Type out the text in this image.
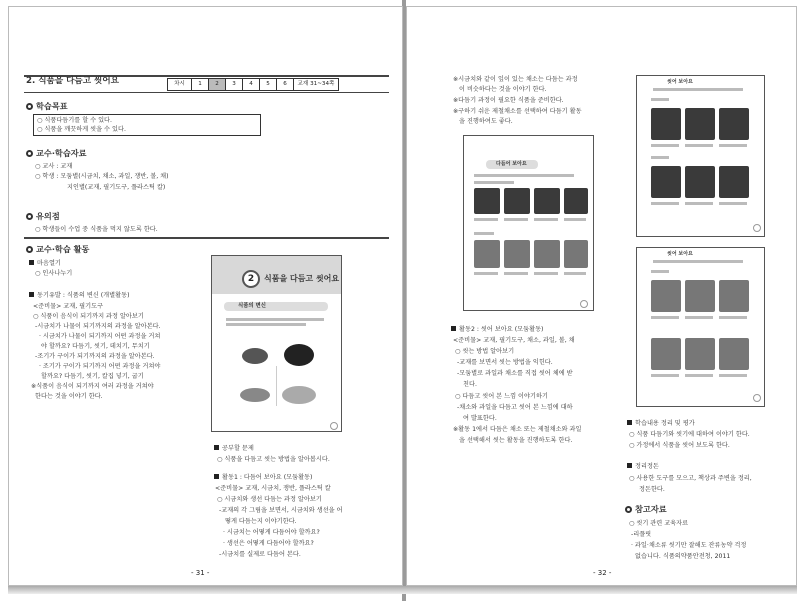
2. 식품을 다듬고 씻어요	차시	1	2	3	4	5	6	교재 31~34쪽
학습목표
○ 식품다듬기를 할 수 있다.
○ 식품을 깨끗하게 씻을 수 있다.
교수·학습자료
○ 교사 : 교재
○ 학생 : 모둠별(시금치, 채소, 과일, 쟁반, 볼, 채)
지인별(교재, 필기도구, 플라스틱 칼)
유의점
○ 학생들이 수업 중 식품을 먹지 않도록 한다.
교수·학습 활동
마음열기
○ 인사나누기
동기유발 : 식품의 변신 (개별활동)
<준비물> 교재, 필기도구
○ 식품이 음식이 되기까지 과정 알아보기
-시금치가 나물이 되기까지의 과정을 알아본다.
· 시금치가 나물이 되기까지 어떤 과정을 거쳐
야 할까요? 다듬기, 씻기, 데치기, 무치기
-조기가 구이가 되기까지의 과정을 알아본다.
· 조기가 구이가 되기까지 어떤 과정을 거쳐야
할까요? 다듬기, 씻기, 칼집 넣기, 굽기
※식품이 음식이 되기까지 여러 과정을 거쳐야
한다는 것을 이야기 한다.
2	식품을 다듬고 씻어요
식품의 변신
공부할 문제
○ 식품을 다듬고 씻는 방법을 알아봅시다.
활동1 : 다듬어 보아요 (모둠활동)
<준비물> 교재, 시금치, 쟁반, 플라스틱 칼
○ 시금치와 생선 다듬는 과정 알아보기
-교재의 각 그림을 보면서, 시금치와 생선을 어
떻게 다듬는지 이야기한다.
· 시금치는 어떻게 다듬어야 할까요?
· 생선은 어떻게 다듬어야 할까요?
-시금치를 실제로 다듬어 본다.
- 31 -
※시금치와 같이 잎이 있는 채소는 다듬는 과정
이 비슷하다는 것을 이야기 한다.
※다듬기 과정이 필요한 식품을 준비한다.
※구하기 쉬운 제철채소를 선택하여 다듬기 활동
을 진행하여도 좋다.
다듬어 보아요
씻어 보아요
씻어 보아요
활동2 : 씻어 보아요 (모둠활동)
<준비물> 교재, 필기도구, 채소, 과일, 볼, 채
○ 씻는 방법 알아보기
-교재를 보면서 씻는 방법을 익힌다.
-모둠별로 과일과 채소를 직접 씻어 체에 받
친다.
○ 다듬고 씻어 본 느낌 이야기하기
-채소와 과일을 다듬고 씻어 본 느낌에 대하
여 발표한다.
※활동 1에서 다듬은 채소 또는 제철채소와 과일
을 선택해서 씻는 활동을 진행하도록 한다.
학습내용 정리 및 평가
○ 식품 다듬기와 씻기에 대하여 이야기 한다.
○ 가정에서 식품을 씻어 보도록 한다.
정리정돈
○ 사용한 도구를 모으고, 책상과 주변을 정리,
정돈한다.
참고자료
○ 씻기 관련 교육자료
-리플릿
· 과일·채소류 씻기만 잘해도 잔류농약 걱정
없습니다. 식품의약품안전청, 2011
- 32 -
